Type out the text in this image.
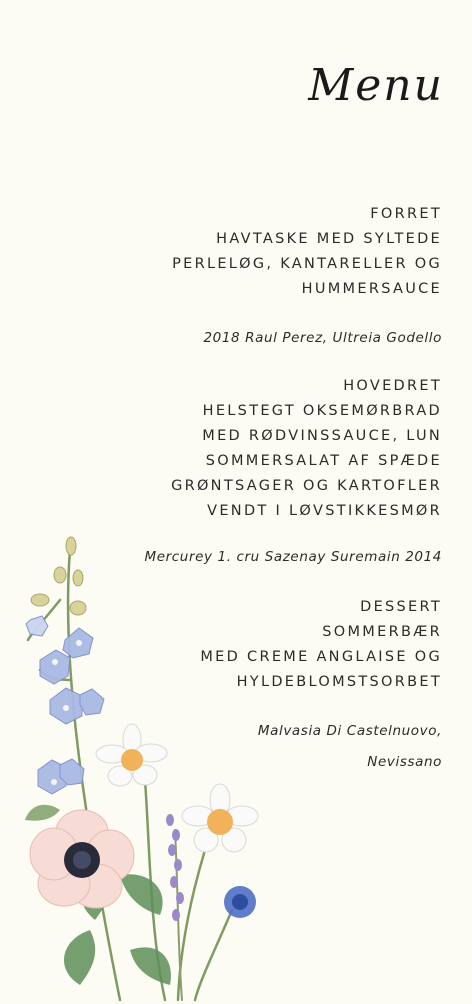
Menu
FORRET
HAVTASKE MED SYLTEDE
PERLELØG, KANTARELLER OG
HUMMERSAUCE
2018 Raul Perez, Ultreia Godello
HOVEDRET
HELSTEGT OKSEMØRBRAD
MED RØDVINSSAUCE, LUN
SOMMERSALAT AF SPÆDE
GRØNTSAGER OG KARTOFLER
VENDT I LØVSTIKKESMØR
Mercurey 1. cru Sazenay Suremain 2014
DESSERT
SOMMERBÆR
MED CREME ANGLAISE OG
HYLDEBLOMSTSORBET
Malvasia Di Castelnuovo,
Nevissano
